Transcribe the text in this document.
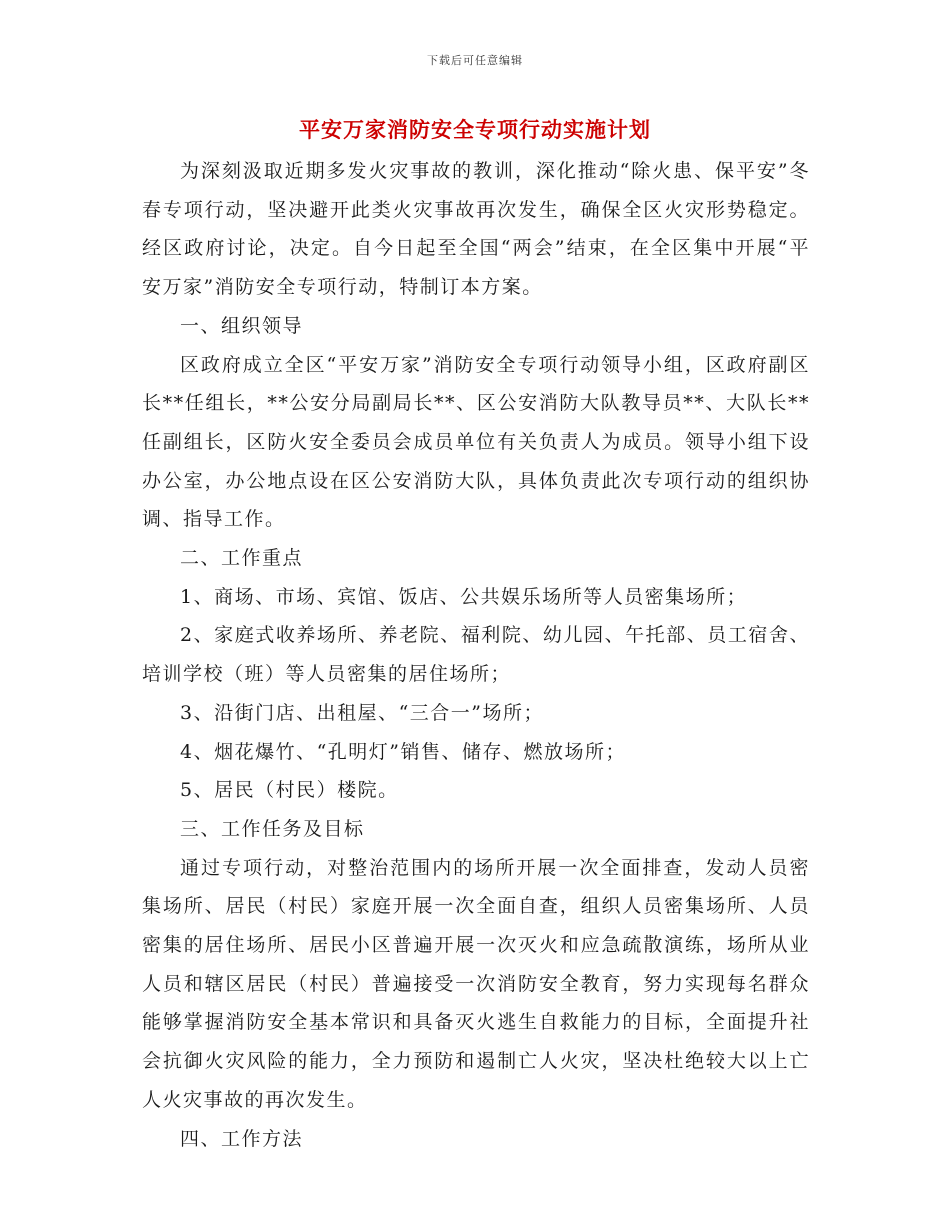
下载后可任意编辑
平安万家消防安全专项行动实施计划

为深刻汲取近期多发火灾事故的教训，深化推动“除火患、保平安”冬春专项行动，坚决避开此类火灾事故再次发生，确保全区火灾形势稳定。经区政府讨论，决定。自今日起至全国“两会”结束，在全区集中开展“平安万家”消防安全专项行动，特制订本方案。

一、组织领导

区政府成立全区“平安万家”消防安全专项行动领导小组，区政府副区长**任组长，**公安分局副局长**、区公安消防大队教导员**、大队长**任副组长，区防火安全委员会成员单位有关负责人为成员。领导小组下设办公室，办公地点设在区公安消防大队，具体负责此次专项行动的组织协调、指导工作。

二、工作重点

1、商场、市场、宾馆、饭店、公共娱乐场所等人员密集场所；

2、家庭式收养场所、养老院、福利院、幼儿园、午托部、员工宿舍、培训学校（班）等人员密集的居住场所；

3、沿街门店、出租屋、“三合一”场所；

4、烟花爆竹、“孔明灯”销售、储存、燃放场所；

5、居民（村民）楼院。

三、工作任务及目标

通过专项行动，对整治范围内的场所开展一次全面排查，发动人员密集场所、居民（村民）家庭开展一次全面自查，组织人员密集场所、人员密集的居住场所、居民小区普遍开展一次灭火和应急疏散演练，场所从业人员和辖区居民（村民）普遍接受一次消防安全教育，努力实现每名群众能够掌握消防安全基本常识和具备灭火逃生自救能力的目标，全面提升社会抗御火灾风险的能力，全力预防和遏制亡人火灾，坚决杜绝较大以上亡人火灾事故的再次发生。

四、工作方法
